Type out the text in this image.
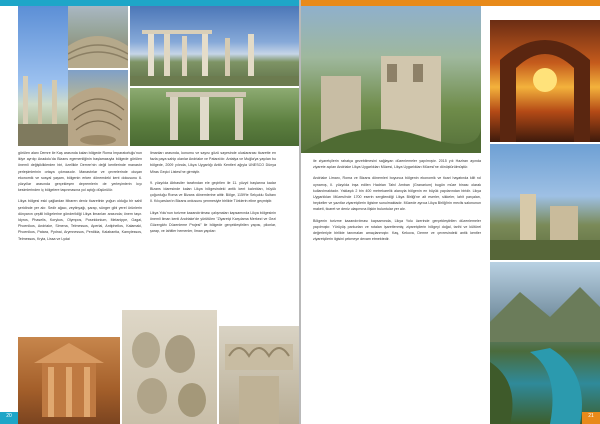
görülen alanı Demre ile Kaş arasında kalan bölgede Roma İmparatorluğu'nun ikiye ayrılıp Anadolu'da Bizans egemenliğinin başlamasıyla bölgede görülen önemli değişikliklerden biri, özellikle Demre'nin değil kentlerinde manastır yerleşimlerinin ortaya çıkmasıdır. Manastırlar ve çevrelerinde oluşan ekonomik ve sosyal yaşam, bölgenin erken dönemdeki kent dokusunu 6. yüzyıllar arasında gerçekleşen depremlerin de yerleşimlerin kıyı kesimlerinden iç bölgelere taşınmasına yol açtığı düşünülür.

Likya bölgesi eski çağlardan itibaren deniz ticaretinin yoğun olduğu bir sahil şeridinde yer alır. Sedir ağacı, zeytinyağı, şarap, sünger gibi yerel ürünlerin dünyanın çeşitli bölgelerine gönderildiği Likya limanları arasında; önem taşır. Idyros, Phaselis, Korykos, Olympos, Poseidonium, Melanippe, Gagai, Phoenikos, Andriake, Simena, Telmessos, Aperlai, Antiphellos, Kalamaki, Phoenikos, Patara, Pydnai, Arymnessos, Perdikia, Kalabantia, Kamylessos, Telmessos, Kryia, Lissa ve Lydai

limanları arasında, konumu ve sayısı gözü sayesinde uluslararası ticarette en fazla paya sahip olanlar Andriake ve Patara'dır. Antalya ve Muğla'ya yayılan bu bölgede, 2009 yılında, Likya Uygarlığı Antik Kentleri ağıyla UNESCO Dünya Miras Geçici Listesi'ne girmiştir.

9. yüzyılda Abbasiler tarafından ele geçirilen ile 11. yüzyıl başlarına kadar Bizans idaresinde kalan Likya bölgesindeki antik kent kalıntıları, büyük çoğunluğu Roma ve Bizans dönemlerine aittir. Bölge, 1159'te Selçuklu Sultanı II. Kılıçarslan'ın Bizans ordusunu yenmesiyle birlikte Türklerin eline geçmiştir.

Likya Yolu'nun turizme kazandırılması çalışmaları kapsamında Likya bölgesinin önemli liman kenti Andriake'de yürütülen "Ziyaretçi Karşılama Merkezi ve Gezi Güzergâhı Düzenleme Projesi" ile bölgede gerçekleştirilen yapısı, pilonlar, şarap, ve lahitler hemenler, liman yapıları

20

ile ziyaretçilerin rahatça gezebilmesini sağlayan düzenlemeler yapılmıştır. 2015 yılı Haziran ayında ziyarete açılan Andriake Likya Uygarlıkları Müzesi, Likya Uygarlıkları Müzesi'ne dönüştürülmüştür.

Andriake Limanı, Roma ve Bizans dönemleri boyunca bölgenin ekonomik ve ticari hayatında kilit rol oynamış, II. yüzyılda inşa edilen Hadrian Tahıl Ambarı (Granarium) bugün müze binası olarak kullanılmaktadır. Yaklaşık 2 bin 400 metrekarelik alanıyla bölgenin en büyük yapılarından biridir. Likya Uygarlıkları Müzesi'nde 1700 eserin sergilendiği Likya Birliği'ne ait eserler, sikkeler, lahit parçaları, heykeller ve yazıtlar ziyaretçilerin ilgisine sunulmaktadır. Müzede ayrıca Likya Birliği'nin meclis salonunun maketi, ticaret ve deniz ulaşımına ilişkin buluntular yer alır.

Bölgenin turizme kazandırılması kapsamında, Likya Yolu üzerinde gerçekleştirilen düzenlemeler yapılmıştır. Yürüyüş parkurları ve rotaları işaretlenmiş; ziyaretçilerin bölgeyi doğal, tarihi ve kültürel değerleriyle birlikte tanımaları amaçlanmıştır. Kaş, Kekova, Demre ve çevresindeki antik kentler ziyaretçilerin ilgisini çekmeye devam etmektedir.

21
